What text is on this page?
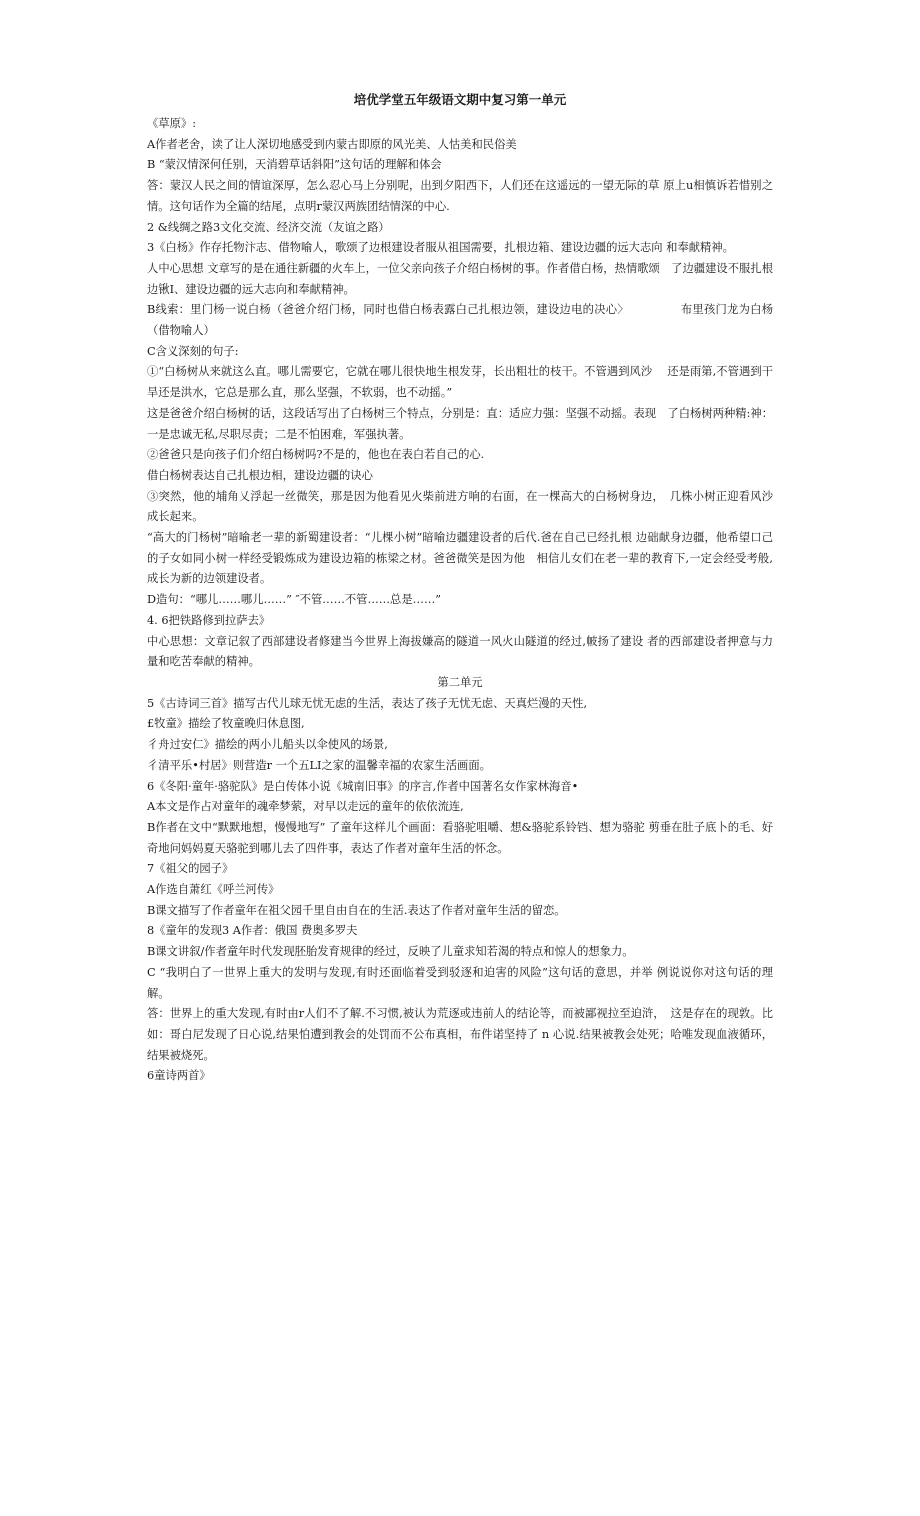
培优学堂五年级语文期中复习第一单元

《草原》:

A作者老舍，读了让人深切地感受到内蒙古即原的风光美、人怙美和民俗美

B “蒙汉情深何任别，天消碧草话斜阳”这句话的理解和体会

答：蒙汉人民之间的情谊深厚，怎么忍心马上分别呢，出到夕阳西下，人们还在这遥远的一望无际的草 原上u相慎诉若惜别之情。这句话作为全篇的结尾，点明r蒙汉两族团结情深的中心.

2 &线绸之路3文化交流、经济交流（友谊之路）

3《白杨》作存托物汴志、借物喻人，歌颂了边根建设者服从祖国需要，扎根边箱、建设边疆的远大志向 和奉献精神。

人中心思想 文章写的是在通往新疆的火车上，一位父亲向孩子介绍白杨树的事。作者借白杨，热情歌颂　了边疆建设不服扎根边锹I、建设边疆的远大志向和奉献精神。

B线索：里门杨一说白杨（爸爸介绍门杨，同时也借白杨表露白己扎根边领，建设边电的决心〉　　　　　布里孩门龙为白杨（借物喻人）

C含义深刻的句子:

①“白杨树从来就这么直。哪儿需要它，它就在哪儿很快地生根发芽，长出粗壮的枝干。不管遇到风沙　 还是雨第,不管遇到干旱还是洪水，它总是那么直，那么坚强，不软弱，也不动摇。”

这是爸爸介绍白杨树的话，这段话写出了白杨树三个特点，分别是：直：适应力强：坚强不动摇。表现　了白杨树两种精:神：一是忠诚无私,尽职尽责；二是不怕困难，军强执著。

②爸爸只是向孩子们介绍白杨树吗?不是的，他也在表白若自己的心.

借白杨树表达自己扎根边相，建设边疆的诀心

③突然，他的埔角乂浮起一丝微笑，那是因为他看见火柴前进方响的右面，在一棵高大的白杨树身边，　几株小树正迎看风沙成长起来。

“高大的门杨树”暗喻老一辈的新蜀建设者：“儿棵小树”暗喻边疆建设者的后代.爸在自己已经扎根 边础献身边疆，他希望口己的子女如同小树一样经受锻炼成为建设边箱的栋梁之材。爸爸微笑是因为他　相信儿女们在老一辈的教育下,一定会经受考般,成长为新的边领建设者。

D造句：“哪儿……哪儿……” ″不管……不管……总是……”

4. 6把铁路修到拉萨去》

中心思想：文章记叙了西部建设者修建当今世界上海拔嫌高的隧道一风火山隧道的经过,帔扬了建设 者的西部建设者押意与力量和吃苦奉献的精神。

第二单元

5《古诗词三首》描写古代儿球无忧无虑的生活，表达了孩子无忧无虑、天真烂漫的天性,

£牧童》描绘了牧童晚归休息图,

彳舟过安仁》描绘的两小儿船头以伞使风的场景,

彳清平乐•村居》则营造r 一个五LI之家的温馨幸福的农家生活画面。

6《冬阳·童年·骆驼队》是白传体小说《城南旧事》的序言,作者中国著名女作家林海音•

A本文是作占对童年的魂牵梦萦，对早以走远的童年的依依流连,

B作者在文中“默默地想，慢慢地写” 了童年这样儿个画面：看骆驼咀嚼、想&骆驼系铃铛、想为骆驼 剪垂在肚子底卜的毛、好奇地问妈妈夏天骆驼到哪儿去了四件事，表达了作者对童年生活的怀念。

7《祖父的园子》

A作选自萧红《呼兰河传》

B课文描写了作者童年在祖父园千里自由自在的生活.表达了作者对童年生活的留恋。

8《童年的发现3 A作者：俄国 费奥多罗夫

B课文讲叙/作者童年时代发现胚胎发育规律的经过，反映了儿童求知若渴的特点和惊人的想象力。

C “我明白了一世界上重大的发明与发现,有时还面临着受到驳逐和迫害的风险”这句话的意思，并举 例说说你对这句话的理解。

答：世界上的重大发现,有时由r人们不了解.不习惯,被认为荒逐或违前人的结论等，而被鄙视拉至迫浒，　这是存在的现敦。比如：哥白尼发现了日心说,结果怕遭到教会的处罚而不公布真相，布件诺坚持了 n 心说.结果被教会处死；哈唯发现血液循环，结果被烧死。

6童诗两首》
